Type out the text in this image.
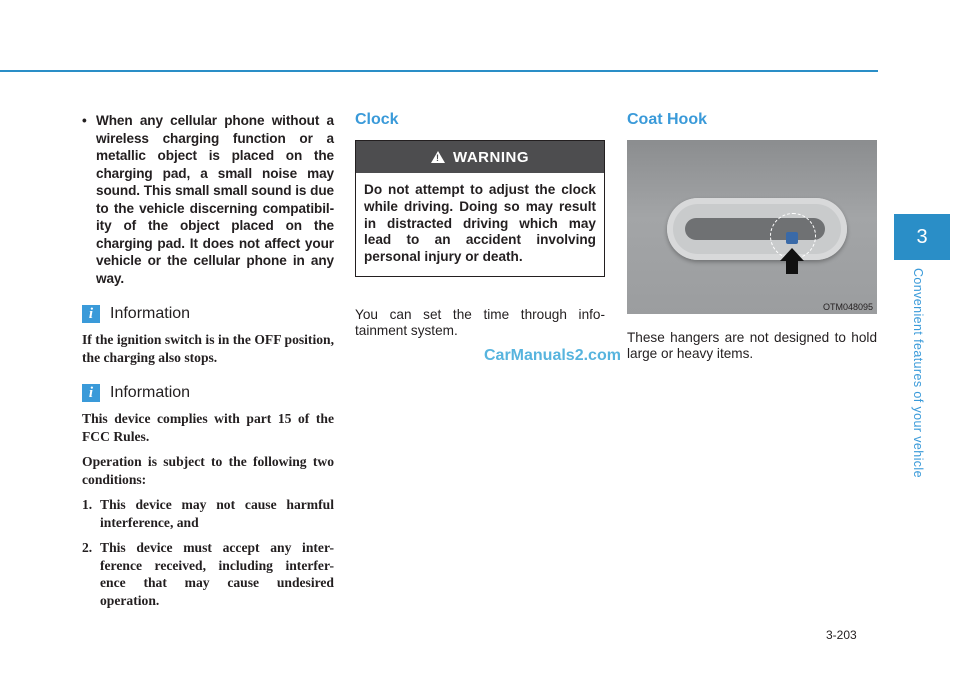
• When any cellular phone without a wireless charging function or a metallic object is placed on the charging pad, a small noise may sound. This small small sound is due to the vehicle discerning compatibil- ity of the object placed on the charging pad. It does not affect your vehicle or the cellular phone in any way.

i	Information

If the ignition switch is in the OFF position, the charging also stops.

i	Information

This device complies with part 15 of the FCC Rules.

Operation is subject to the following two conditions:

1. This device may not cause harmful interference, and
2. This device must accept any inter- ference received, including interfer- ence that may cause undesired operation.
Clock
!
WARNING
Do not attempt to adjust the clock while driving. Doing so may result in distracted driving which may lead to an accident involving personal injury or death.

You can set the time through info- tainment system.

CarManuals2.com
Coat Hook
OTM048095

These hangers are not designed to hold large or heavy items.

3
Convenient features of your vehicle
3-203
